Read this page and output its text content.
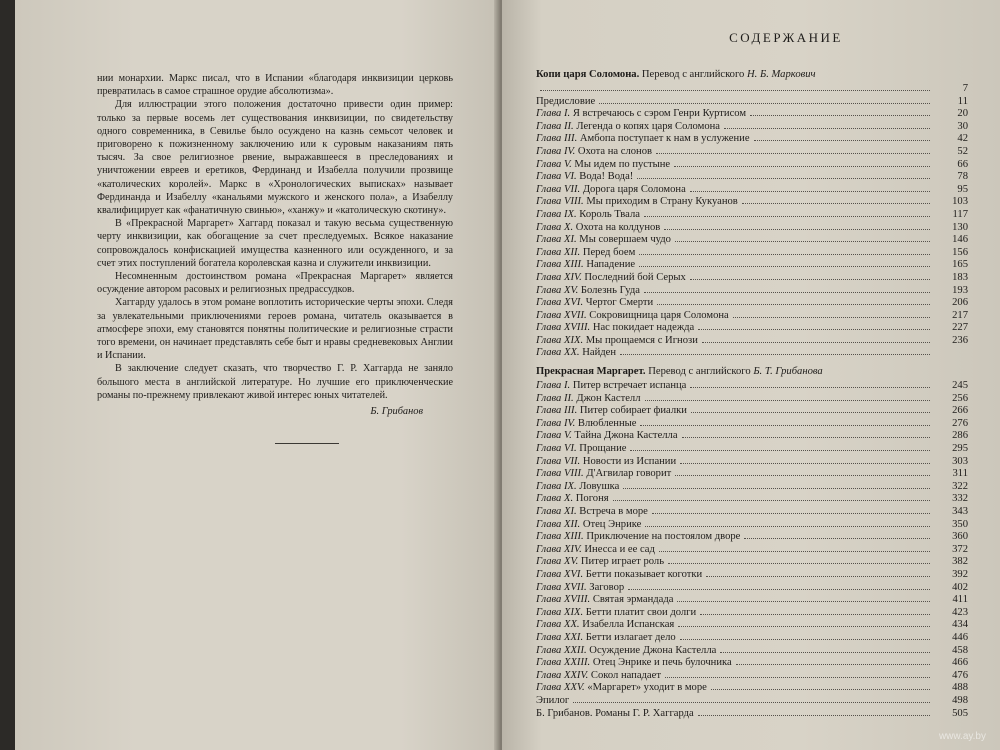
нии монархии. Маркс писал, что в Испании «благодаря инквизиции церковь превратилась в самое страшное орудие абсолютизма».

Для иллюстрации этого положения достаточно привести один пример: только за первые восемь лет существования инквизиции, по свидетельству одного современника, в Севилье было осуждено на казнь семьсот человек и приговорено к пожизненному заключению или к суровым наказаниям пять тысяч. За свое религиозное рвение, выражавшееся в преследованиях и уничтожении евреев и еретиков, Фердинанд и Изабелла получили прозвище «католических королей». Маркс в «Хронологических выписках» называет Фердинанда и Изабеллу «канальями мужского и женского пола», а Изабеллу квалифицирует как «фанатичную свинью», «ханжу» и «католическую скотину».

В «Прекрасной Маргарет» Хаггард показал и такую весьма существенную черту инквизиции, как обогащение за счет преследуемых. Всякое наказание сопровождалось конфискацией имущества казненного или осужденного, и за счет этих поступлений богатела королевская казна и служители инквизиции.

Несомненным достоинством романа «Прекрасная Маргарет» является осуждение автором расовых и религиозных предрассудков.

Хаггарду удалось в этом романе воплотить исторические черты эпохи. Следя за увлекательными приключениями героев романа, читатель оказывается в атмосфере эпохи, ему становятся понятны политические и религиозные страсти того времени, он начинает представлять себе быт и нравы средневековых Англии и Испании.

В заключение следует сказать, что творчество Г. Р. Хаггарда не заняло большого места в английской литературе. Но лучшие его приключенческие романы по-прежнему привлекают живой интерес юных читателей.

Б. Грибанов
СОДЕРЖАНИЕ
Копи царя Соломона. Перевод с английского Н. Б. Маркович
7
Предисловие	11
Глава I. Я встречаюсь с сэром Генри Куртисом	20
Глава II. Легенда о копях царя Соломона	30
Глава III. Амбопа поступает к нам в услужение	42
Глава IV. Охота на слонов	52
Глава V. Мы идем по пустыне	66
Глава VI. Вода! Вода!	78
Глава VII. Дорога царя Соломона	95
Глава VIII. Мы приходим в Страну Кукуанов	103
Глава IX. Король Твала	117
Глава X. Охота на колдунов	130
Глава XI. Мы совершаем чудо	146
Глава XII. Перед боем	156
Глава XIII. Нападение	165
Глава XIV. Последний бой Серых	183
Глава XV. Болезнь Гуда	193
Глава XVI. Чертог Смерти	206
Глава XVII. Сокровищница царя Соломона	217
Глава XVIII. Нас покидает надежда	227
Глава XIX. Мы прощаемся с Игнози	236
Глава XX. Найден
Прекрасная Маргарет. Перевод с английского Б. Т. Грибанова
Глава I. Питер встречает испанца	245
Глава II. Джон Кастелл	256
Глава III. Питер собирает фиалки	266
Глава IV. Влюбленные	276
Глава V. Тайна Джона Кастелла	286
Глава VI. Прощание	295
Глава VII. Новости из Испании	303
Глава VIII. Д'Агвилар говорит	311
Глава IX. Ловушка	322
Глава X. Погоня	332
Глава XI. Встреча в море	343
Глава XII. Отец Энрике	350
Глава XIII. Приключение на постоялом дворе	360
Глава XIV. Инесса и ее сад	372
Глава XV. Питер играет роль	382
Глава XVI. Бетти показывает коготки	392
Глава XVII. Заговор	402
Глава XVIII. Святая эрмандада	411
Глава XIX. Бетти платит свои долги	423
Глава XX. Изабелла Испанская	434
Глава XXI. Бетти излагает дело	446
Глава XXII. Осуждение Джона Кастелла	458
Глава XXIII. Отец Энрике и печь булочника	466
Глава XXIV. Сокол нападает	476
Глава XXV. «Маргарет» уходит в море	488
Эпилог	498
Б. Грибанов. Романы Г. Р. Хаггарда	505
www.ay.by
